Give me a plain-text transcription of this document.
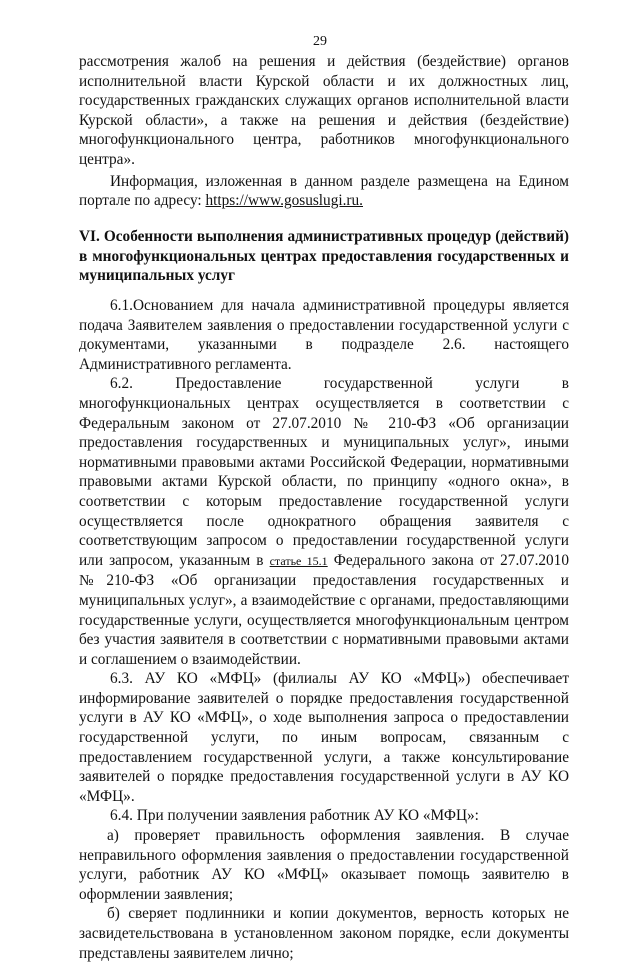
29

рассмотрения жалоб на решения и действия (бездействие) органов исполнительной власти Курской области и их должностных лиц, государственных гражданских служащих органов исполнительной власти Курской области», а также на решения и действия (бездействие) многофункционального центра, работников многофункционального центра».

Информация, изложенная в данном разделе размещена на Едином портале по адресу: https://www.gosuslugi.ru.

VI. Особенности выполнения административных процедур (действий) в многофункциональных центрах предоставления государственных и муниципальных услуг

6.1.Основанием для начала административной процедуры является подача Заявителем заявления о предоставлении государственной услуги с документами, указанными в подразделе 2.6. настоящего Административного регламента.

6.2. Предоставление государственной услуги в многофункциональных центрах осуществляется в соответствии с Федеральным законом от 27.07.2010 № 210-ФЗ «Об организации предоставления государственных и муниципальных услуг», иными нормативными правовыми актами Российской Федерации, нормативными правовыми актами Курской области, по принципу «одного окна», в соответствии с которым предоставление государственной услуги осуществляется после однократного обращения заявителя с соответствующим запросом о предоставлении государственной услуги или запросом, указанным в статье 15.1 Федерального закона от 27.07.2010 №210-ФЗ «Об организации предоставления государственных и муниципальных услуг», а взаимодействие с органами, предоставляющими государственные услуги, осуществляется многофункциональным центром без участия заявителя в соответствии с нормативными правовыми актами и соглашением о взаимодействии.

6.3. АУ КО «МФЦ» (филиалы АУ КО «МФЦ») обеспечивает информирование заявителей о порядке предоставления государственной услуги в АУ КО «МФЦ», о ходе выполнения запроса о предоставлении государственной услуги, по иным вопросам, связанным с предоставлением государственной услуги, а также консультирование заявителей о порядке предоставления государственной услуги в АУ КО «МФЦ».

6.4. При получении заявления работник АУ КО «МФЦ»:

а) проверяет правильность оформления заявления. В случае неправильного оформления заявления о предоставлении государственной услуги, работник АУ КО «МФЦ» оказывает помощь заявителю в оформлении заявления;

б) сверяет подлинники и копии документов, верность которых не засвидетельствована в установленном законом порядке, если документы представлены заявителем лично;
